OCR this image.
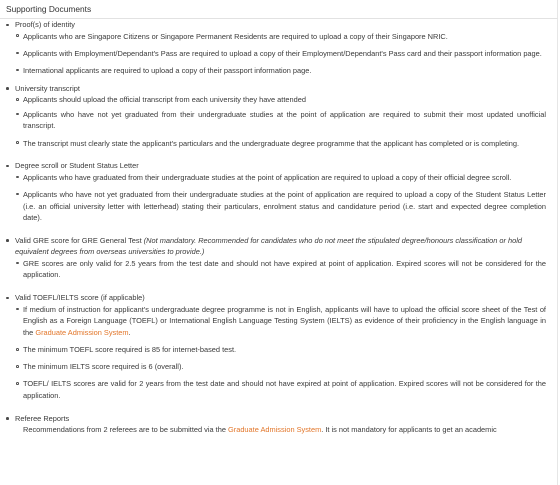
Supporting Documents
Proof(s) of identity
Applicants who are Singapore Citizens or Singapore Permanent Residents are required to upload a copy of their Singapore NRIC.
Applicants with Employment/Dependant's Pass are required to upload a copy of their Employment/Dependant's Pass card and their passport information page.
International applicants are required to upload a copy of their passport information page.
University transcript
Applicants should upload the official transcript from each university they have attended
Applicants who have not yet graduated from their undergraduate studies at the point of application are required to submit their most updated unofficial transcript.
The transcript must clearly state the applicant's particulars and the undergraduate degree programme that the applicant has completed or is completing.
Degree scroll or Student Status Letter
Applicants who have graduated from their undergraduate studies at the point of application are required to upload a copy of their official degree scroll.
Applicants who have not yet graduated from their undergraduate studies at the point of application are required to upload a copy of the Student Status Letter (i.e. an official university letter with letterhead) stating their particulars, enrolment status and candidature period (i.e. start and expected degree completion date).
Valid GRE score for GRE General Test (Not mandatory. Recommended for candidates who do not meet the stipulated degree/honours classification or hold equivalent degrees from overseas universities to provide.)
GRE scores are only valid for 2.5 years from the test date and should not have expired at point of application. Expired scores will not be considered for the application.
Valid TOEFL/IELTS score (if applicable)
If medium of instruction for applicant's undergraduate degree programme is not in English, applicants will have to upload the official score sheet of the Test of English as a Foreign Language (TOEFL) or International English Language Testing System (IELTS) as evidence of their proficiency in the English language in the Graduate Admission System.
The minimum TOEFL score required is 85 for internet-based test.
The minimum IELTS score required is 6 (overall).
TOEFL/ IELTS scores are valid for 2 years from the test date and should not have expired at point of application. Expired scores will not be considered for the application.
Referee Reports
Recommendations from 2 referees are to be submitted via the Graduate Admission System. It is not mandatory for applicants to get an academic
